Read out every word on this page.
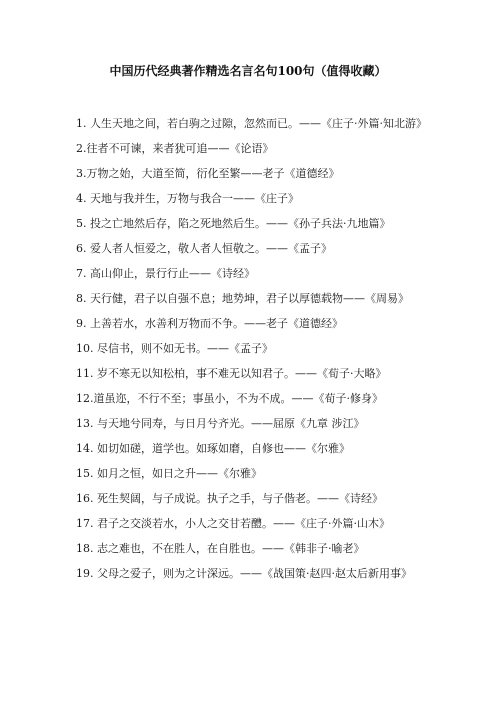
中国历代经典著作精选名言名句100句（值得收藏）
1. 人生天地之间，若白驹之过隙，忽然而已。——《庄子·外篇·知北游》
2.往者不可谏，来者犹可追——《论语》
3.万物之始，大道至简，衍化至繁——老子《道德经》
4. 天地与我并生，万物与我合一——《庄子》
5. 投之亡地然后存，陷之死地然后生。——《孙子兵法·九地篇》
6. 爱人者人恒爱之，敬人者人恒敬之。——《孟子》
7. 高山仰止，景行行止——《诗经》
8. 天行健，君子以自强不息；地势坤，君子以厚德载物——《周易》
9. 上善若水，水善利万物而不争。——老子《道德经》
10. 尽信书，则不如无书。——《孟子》
11. 岁不寒无以知松柏，事不难无以知君子。——《荀子·大略》
12.道虽迩，不行不至；事虽小，不为不成。——《荀子·修身》
13. 与天地兮同寿，与日月兮齐光。——屈原《九章 涉江》
14. 如切如磋，道学也。如琢如磨，自修也——《尔雅》
15. 如月之恒，如日之升——《尔雅》
16. 死生契阔，与子成说。执子之手，与子偕老。——《诗经》
17. 君子之交淡若水，小人之交甘若醴。——《庄子·外篇·山木》
18. 志之难也，不在胜人，在自胜也。——《韩非子·喻老》
19. 父母之爱子，则为之计深远。——《战国策·赵四·赵太后新用事》
